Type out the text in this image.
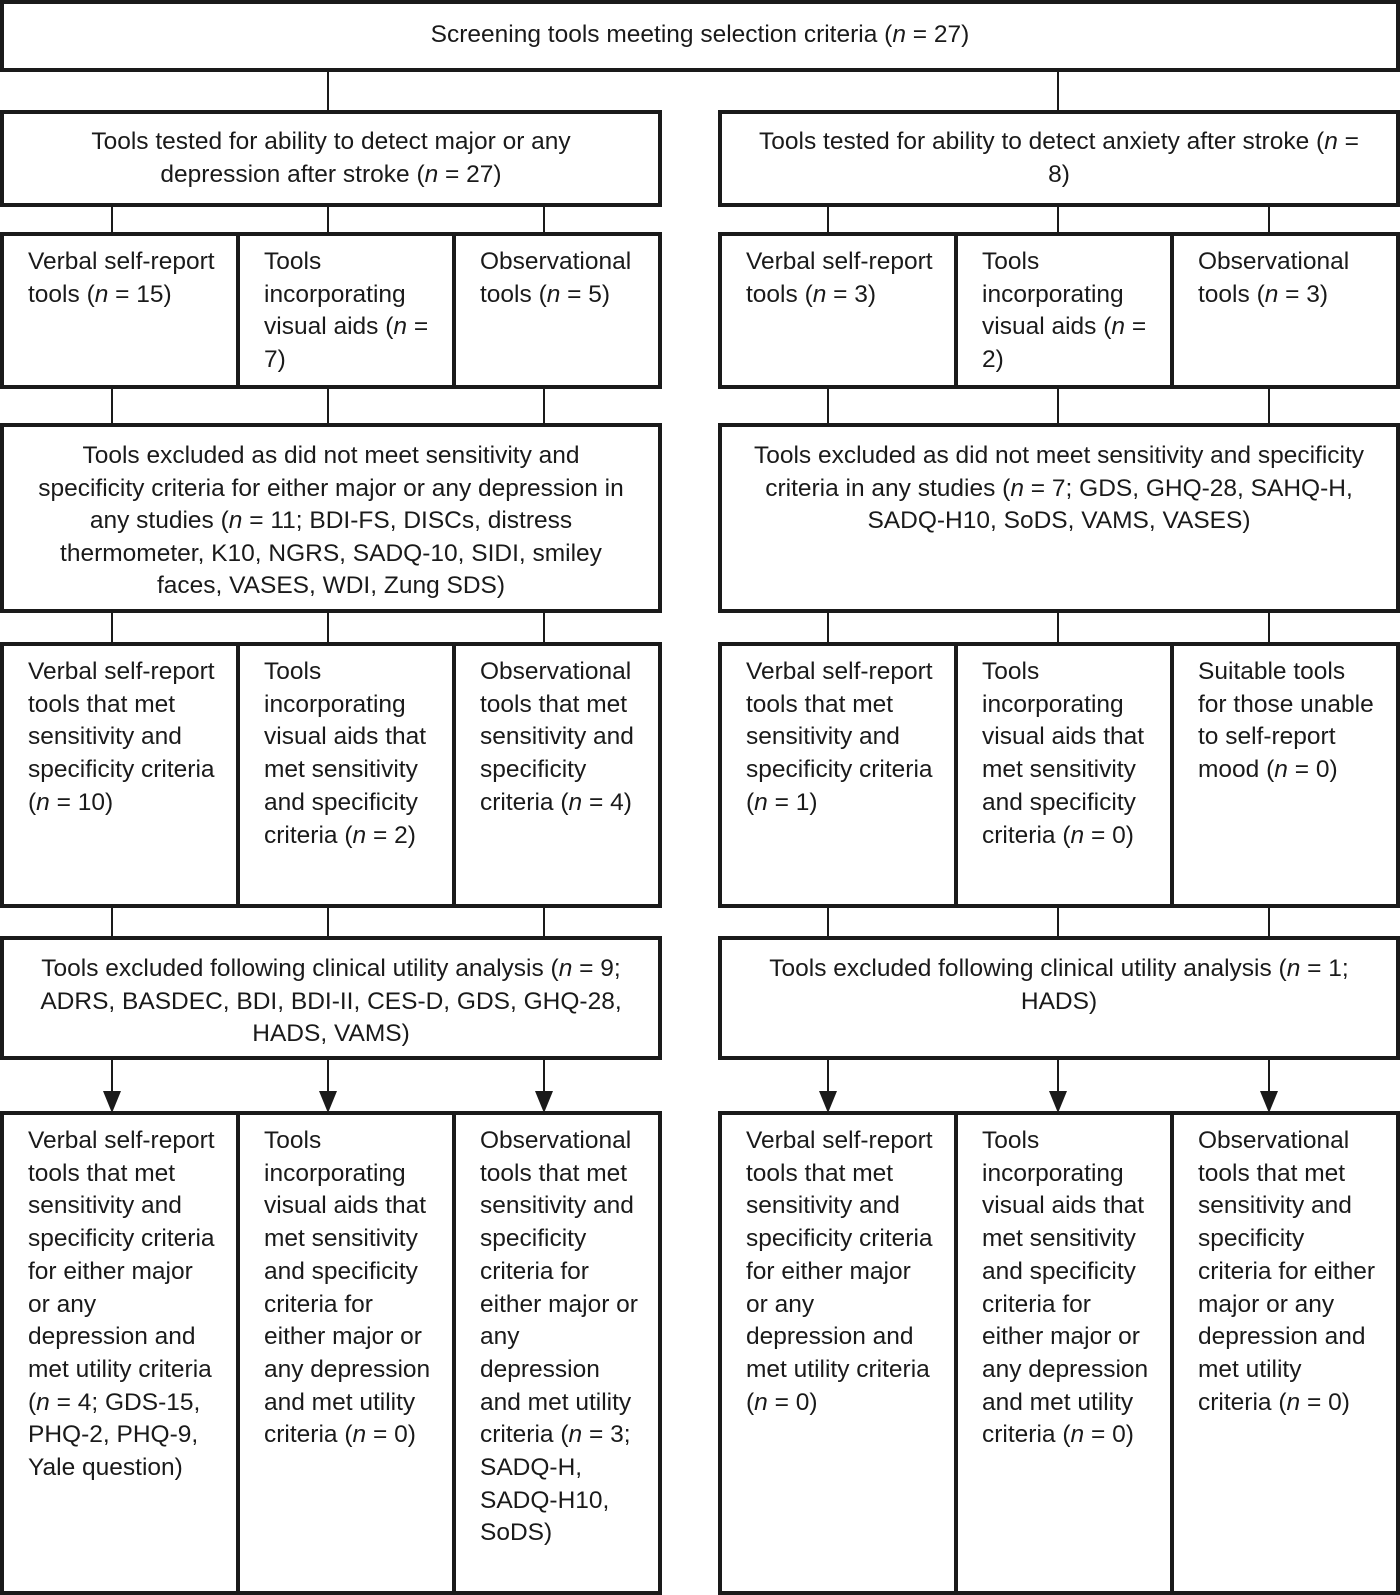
Screening tools meeting selection criteria (n = 27)
Tools tested for ability to detect major or any depression after stroke (n = 27)
Tools tested for ability to detect anxiety after stroke (n = 8)
Verbal self-report tools (n = 15)
Tools incorporating visual aids (n = 7)
Observational tools (n = 5)
Verbal self-report tools (n = 3)
Tools incorporating visual aids (n = 2)
Observational tools (n = 3)
Tools excluded as did not meet sensitivity and specificity criteria for either major or any depression in any studies (n = 11; BDI-FS, DISCs, distress thermometer, K10, NGRS, SADQ-10, SIDI, smiley faces, VASES, WDI, Zung SDS)
Tools excluded as did not meet sensitivity and specificity criteria in any studies (n = 7; GDS, GHQ-28, SAHQ-H, SADQ-H10, SoDS, VAMS, VASES)
Verbal self-report tools that met sensitivity and specificity criteria (n = 10)
Tools incorporating visual aids that met sensitivity and specificity criteria (n = 2)
Observational tools that met sensitivity and specificity criteria (n = 4)
Verbal self-report tools that met sensitivity and specificity criteria (n = 1)
Tools incorporating visual aids that met sensitivity and specificity criteria (n = 0)
Suitable tools for those unable to self-report mood (n = 0)
Tools excluded following clinical utility analysis (n = 9; ADRS, BASDEC, BDI, BDI-II, CES-D, GDS, GHQ-28, HADS, VAMS)
Tools excluded following clinical utility analysis (n = 1; HADS)
Verbal self-report tools that met sensitivity and specificity criteria for either major or any depression and met utility criteria (n = 4; GDS-15, PHQ-2, PHQ-9, Yale question)
Tools incorporating visual aids that met sensitivity and specificity criteria for either major or any depression and met utility criteria (n = 0)
Observational tools that met sensitivity and specificity criteria for either major or any depression and met utility criteria (n = 3; SADQ-H, SADQ-H10, SoDS)
Verbal self-report tools that met sensitivity and specificity criteria for either major or any depression and met utility criteria (n = 0)
Tools incorporating visual aids that met sensitivity and specificity criteria for either major or any depression and met utility criteria (n = 0)
Observational tools that met sensitivity and specificity criteria for either major or any depression and met utility criteria (n = 0)
